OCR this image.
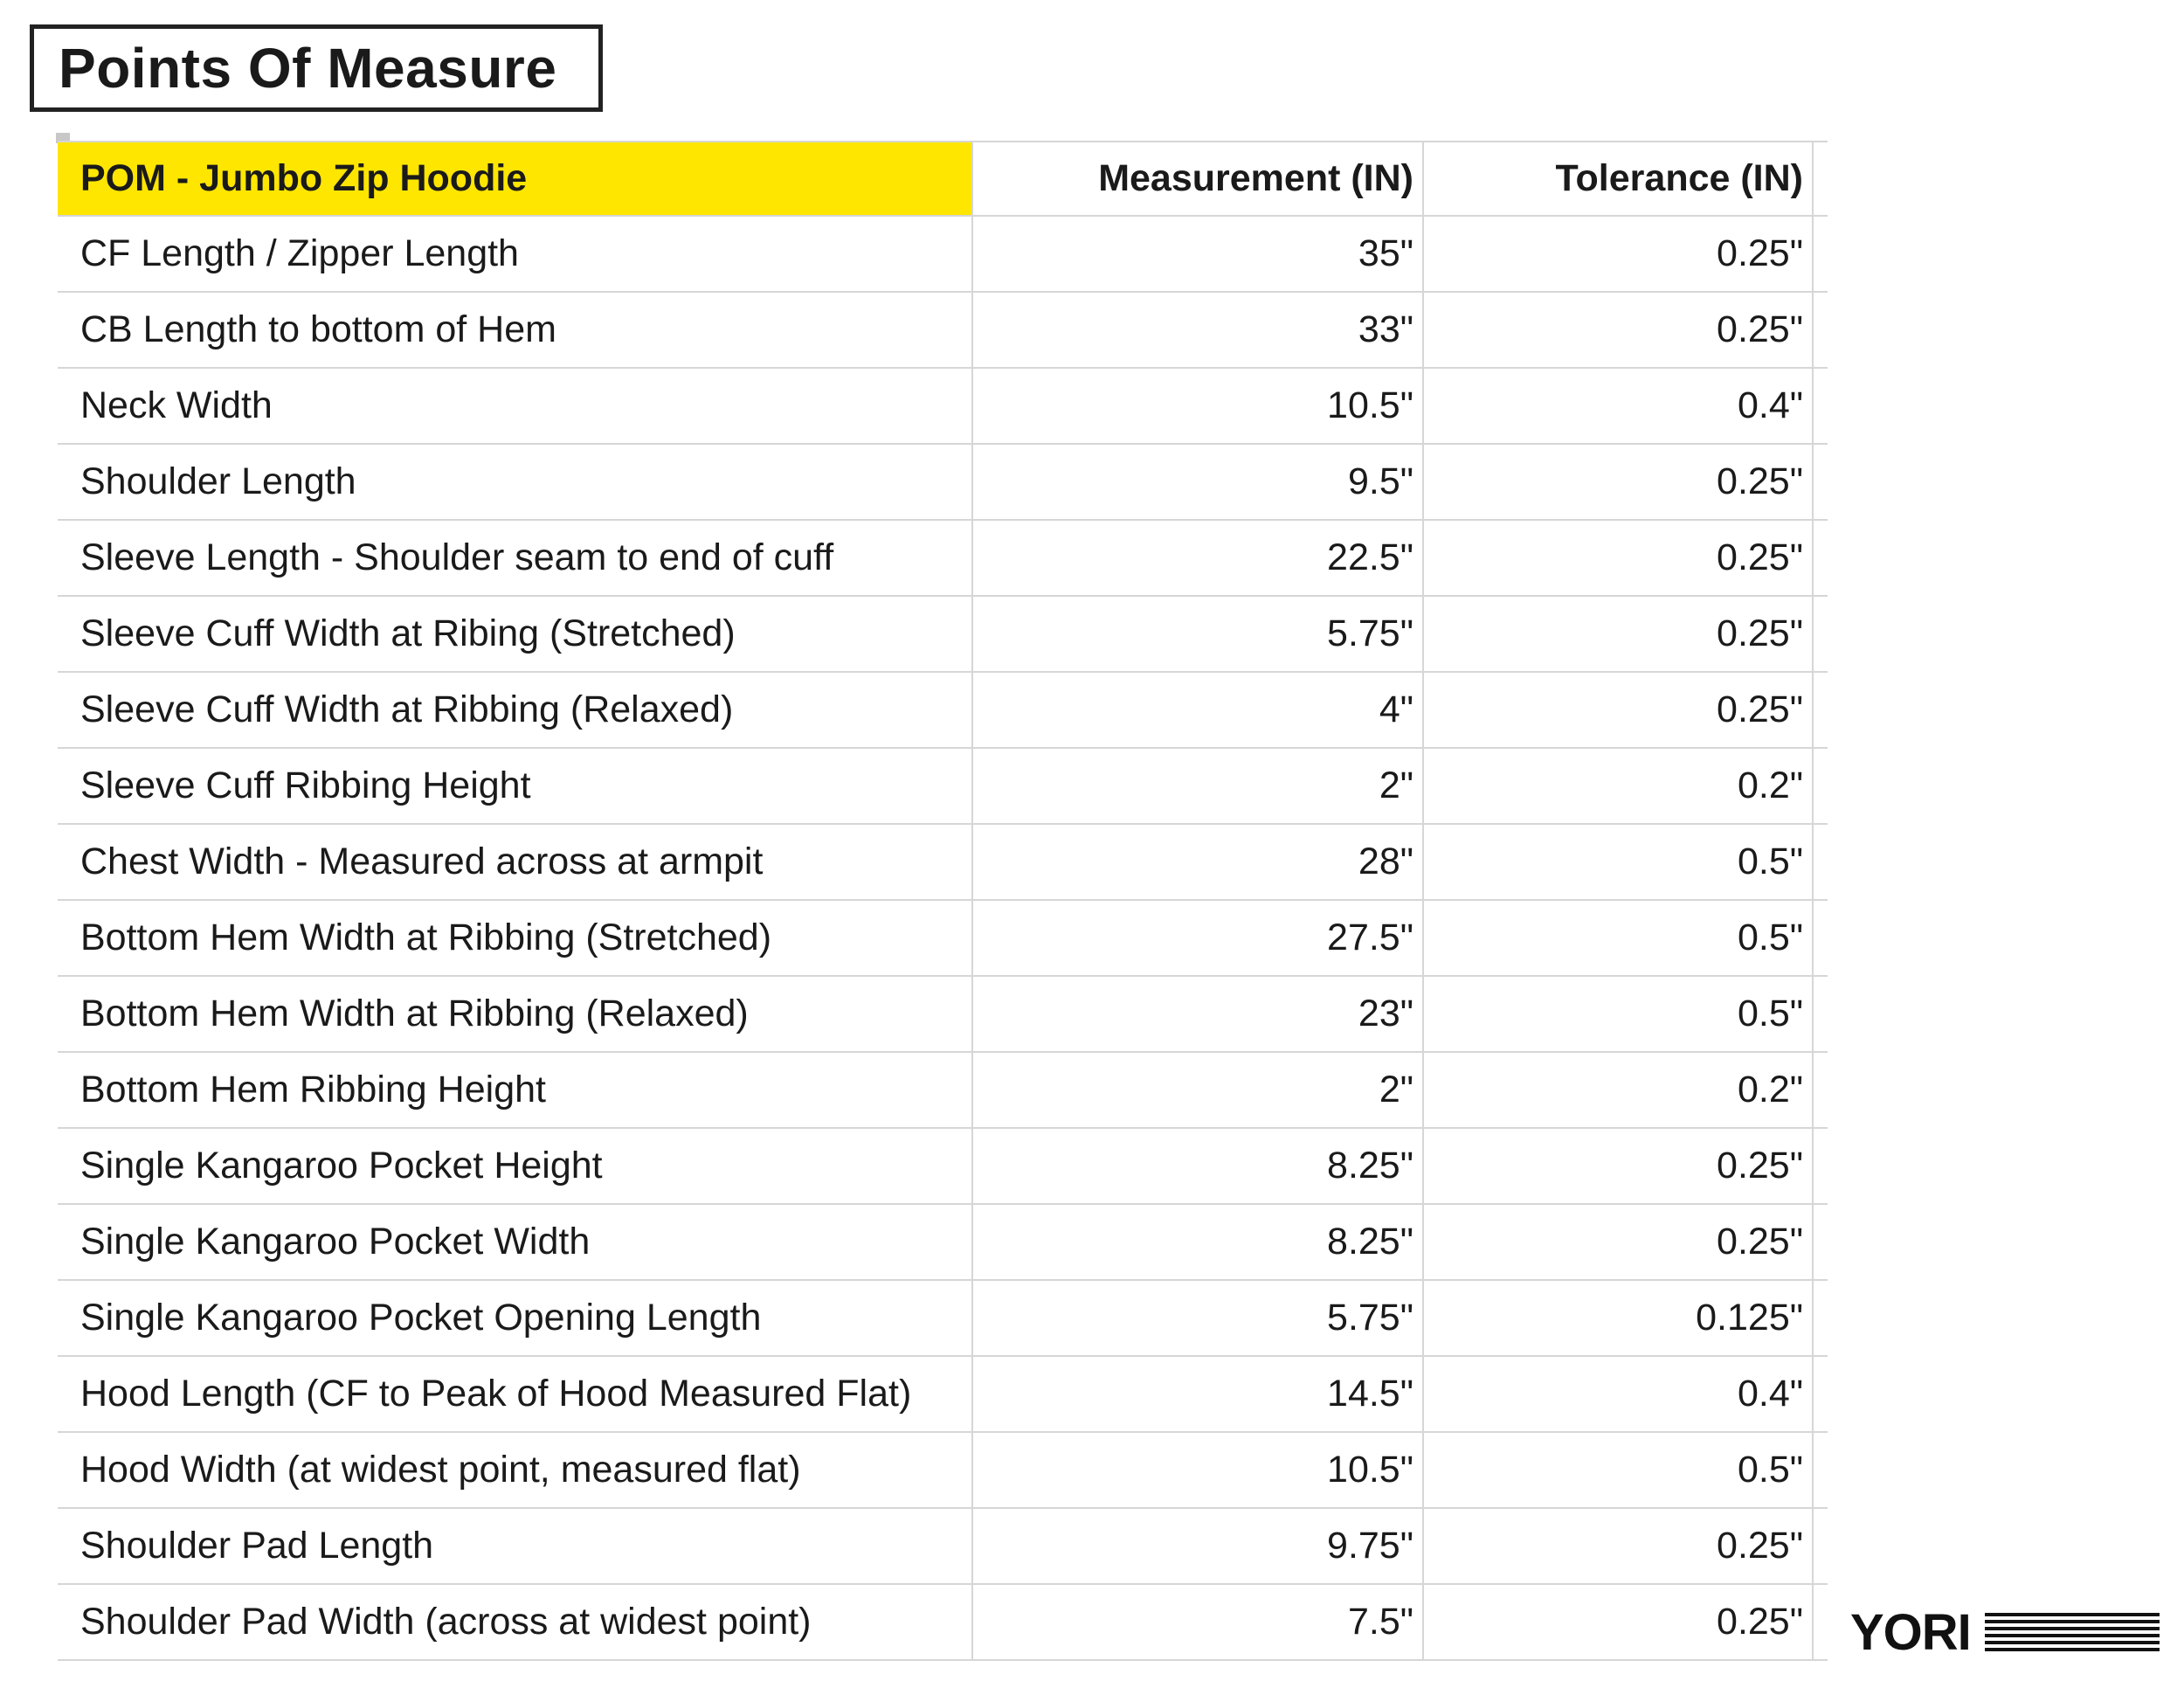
Points Of Measure
POM - Jumbo Zip Hoodie	Measurement (IN)	Tolerance (IN)
CF Length / Zipper Length	35"	0.25"
CB Length to bottom of Hem	33"	0.25"
Neck Width	10.5"	0.4"
Shoulder Length	9.5"	0.25"
Sleeve Length - Shoulder seam to end of cuff	22.5"	0.25"
Sleeve Cuff Width at Ribing (Stretched)	5.75"	0.25"
Sleeve Cuff Width at Ribbing (Relaxed)	4"	0.25"
Sleeve Cuff Ribbing Height	2"	0.2"
Chest Width - Measured across at armpit	28"	0.5"
Bottom Hem Width at Ribbing (Stretched)	27.5"	0.5"
Bottom Hem Width at Ribbing (Relaxed)	23"	0.5"
Bottom Hem Ribbing Height	2"	0.2"
Single Kangaroo Pocket Height	8.25"	0.25"
Single Kangaroo Pocket Width	8.25"	0.25"
Single Kangaroo Pocket Opening Length	5.75"	0.125"
Hood Length (CF to Peak of Hood Measured Flat)	14.5"	0.4"
Hood Width (at widest point, measured flat)	10.5"	0.5"
Shoulder Pad Length	9.75"	0.25"
Shoulder Pad Width (across at widest point)	7.5"	0.25" YORI
